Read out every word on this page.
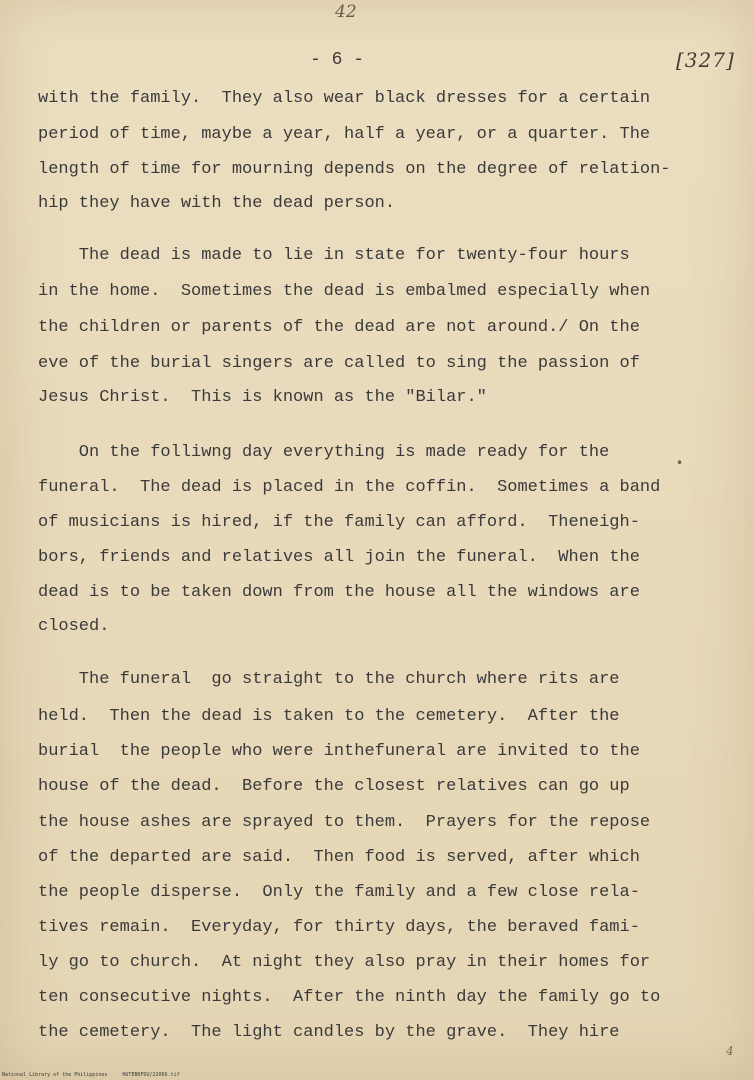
42
- 6 -	[327]
with the family.  They also wear black dresses for a certain
period of time, maybe a year, half a year, or a quarter. The
length of time for mourning depends on the degree of relation-
hip they have with the dead person.
The dead is made to lie in state for twenty-four hours
in the home.  Sometimes the dead is embalmed especially when
the children or parents of the dead are not around./ On the
eve of the burial singers are called to sing the passion of
Jesus Christ.  This is known as the "Bilar."
On the folliwng day everything is made ready for the
funeral.  The dead is placed in the coffin.  Sometimes a band
of musicians is hired, if the family can afford.  Theneigh-
bors, friends and relatives all join the funeral.  When the
dead is to be taken down from the house all the windows are
closed.
The funeral  go straight to the church where rits are
held.  Then the dead is taken to the cemetery.  After the
burial  the people who were inthefuneral are invited to the
house of the dead.  Before the closest relatives can go up
the house ashes are sprayed to them.  Prayers for the repose
of the departed are said.  Then food is served, after which
the people disperse.  Only the family and a few close rela-
tives remain.  Everyday, for thirty days, the beraved fami-
ly go to church.  At night they also pray in their homes for
ten consecutive nights.  After the ninth day the family go to
the cemetery.  The light candles by the grave.  They hire
•
4
National Library of the Philippines     HUTEBKFDU/22066.tif
